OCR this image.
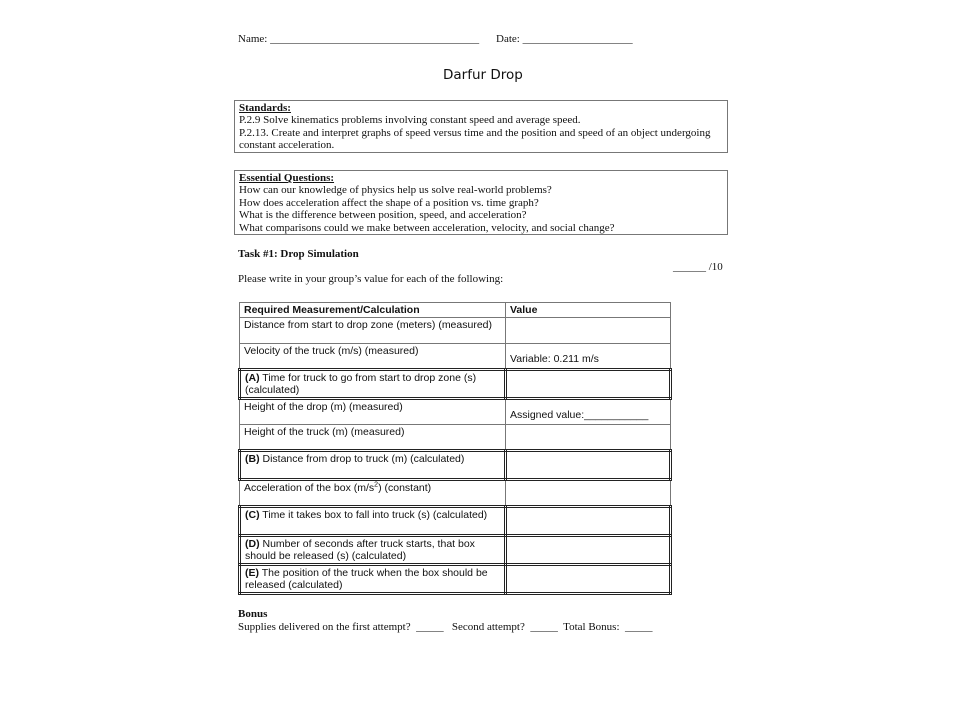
Name: ______________________________________ Date: ____________________
Darfur Drop
Standards:
P.2.9 Solve kinematics problems involving constant speed and average speed.
P.2.13. Create and interpret graphs of speed versus time and the position and speed of an object undergoing
constant acceleration.
Essential Questions:
How can our knowledge of physics help us solve real-world problems?
How does acceleration affect the shape of a position vs. time graph?
What is the difference between position, speed, and acceleration?
What comparisons could we make between acceleration, velocity, and social change?
Task #1: Drop Simulation
______ /10
Please write in your group’s value for each of the following:
Required Measurement/Calculation	Value
Distance from start to drop zone (meters) (measured)	
Velocity of the truck (m/s) (measured)	Variable: 0.211 m/s
(A) Time for truck to go from start to drop zone (s) (calculated)	
Height of the drop (m) (measured)	Assigned value:___________
Height of the truck (m) (measured)	
(B) Distance from drop to truck (m) (calculated)	
Acceleration of the box $(m/s^2)$ (constant)	
(C) Time it takes box to fall into truck (s) (calculated)	
(D) Number of seconds after truck starts, that box should be released (s) (calculated)	
(E) The position of the truck when the box should be released (calculated)	
Bonus
Supplies delivered on the first attempt?  _____   Second attempt?  _____  Total Bonus:  _____
